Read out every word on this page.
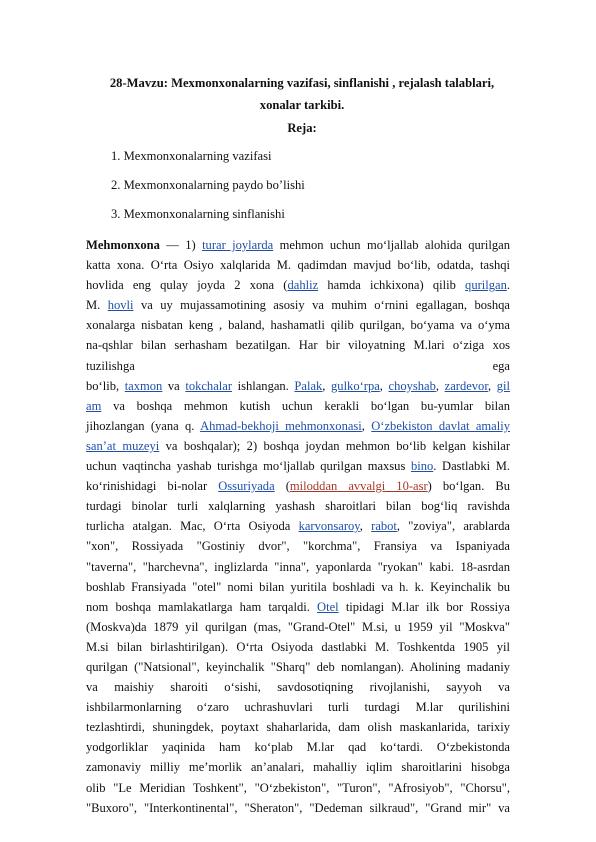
28-Mavzu: Mexmonxonalarning vazifasi, sinflanishi , rejalash talablari,
xonalar tarkibi.

Reja:

1. Mexmonxonalarning vazifasi
2. Mexmonxonalarning paydo bo’lishi
3. Mexmonxonalarning sinflanishi
Mehmonxona — 1) turar joylarda mehmon uchun mo‘ljallab alohida qurilgan
katta xona. O‘rta Osiyo xalqlarida M. qadimdan mavjud bo‘lib, odatda, tashqi
hovlida eng qulay joyda 2 xona (dahliz hamda ichkixona) qilib qurilgan.
M. hovli va uy mujassamotining asosiy va muhim o‘rnini egallagan, boshqa
xonalarga nisbatan keng , baland, hashamatli qilib qurilgan, bo‘yama va o‘yma
na-qshlar bilan serhasham bezatilgan. Har bir viloyatning M.lari o‘ziga xos
tuzilishga	ega
bo‘lib, taxmon va tokchalar ishlangan. Palak, gulko‘rpa, choyshab, zardevor, gil
am va boshqa mehmon kutish uchun kerakli bo‘lgan bu-yumlar bilan
jihozlangan (yana q. Ahmad-bekhoji mehmonxonasi, O‘zbekiston davlat amaliy
san’at muzeyi va boshqalar); 2) boshqa joydan mehmon bo‘lib kelgan kishilar
uchun vaqtincha yashab turishga mo‘ljallab qurilgan maxsus bino. Dastlabki M.
ko‘rinishidagi bi-nolar Ossuriyada (miloddan avvalgi 10-asr) bo‘lgan. Bu
turdagi binolar turli xalqlarning yashash sharoitlari bilan bog‘liq ravishda
turlicha atalgan. Mac, O‘rta Osiyoda karvonsaroy, rabot, "zoviya", arablarda
"xon", Rossiyada "Gostiniy dvor", "korchma", Fransiya va Ispaniyada
"taverna", "harchevna", inglizlarda "inna", yaponlarda "ryokan" kabi. 18-asrdan
boshlab Fransiyada "otel" nomi bilan yuritila boshladi va h. k. Keyinchalik bu
nom boshqa mamlakatlarga ham tarqaldi. Otel tipidagi M.lar ilk bor Rossiya
(Moskva)da 1879 yil qurilgan (mas, "Grand-Otel" M.si, u 1959 yil "Moskva"
M.si bilan birlashtirilgan). O‘rta Osiyoda dastlabki M. Toshkentda 1905 yil
qurilgan ("Natsional", keyinchalik "Sharq" deb nomlangan). Aholining madaniy
va maishiy sharoiti o‘sishi, savdosotiqning rivojlanishi, sayyoh va
ishbilarmonlarning o‘zaro uchrashuvlari turli turdagi M.lar qurilishini
tezlashtirdi, shuningdek, poytaxt shaharlarida, dam olish maskanlarida, tarixiy
yodgorliklar yaqinida ham ko‘plab M.lar qad ko‘tardi. O‘zbekistonda
zamonaviy milliy me’morlik an’analari, mahalliy iqlim sharoitlarini hisobga
olib "Le Meridian Toshkent", "O‘zbekiston", "Turon", "Afrosiyob", "Chorsu",
"Buxoro", "Interkontinental", "Sheraton", "Dedeman silkraud", "Grand mir" va
